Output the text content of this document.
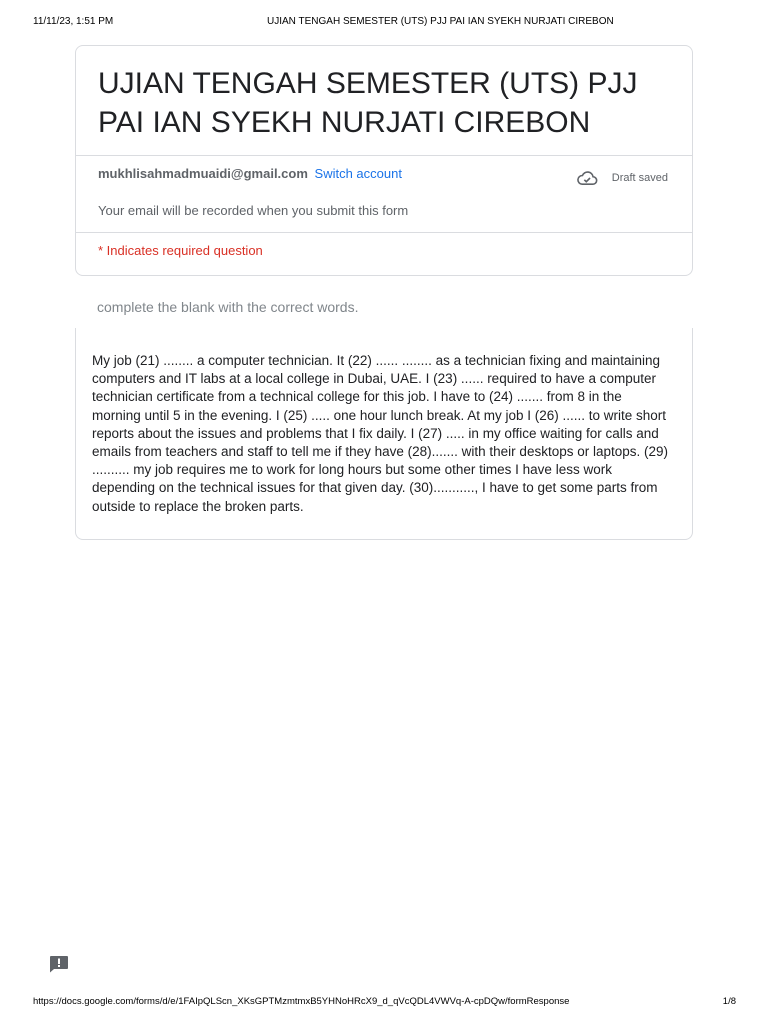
11/11/23, 1:51 PM	UJIAN TENGAH SEMESTER (UTS) PJJ PAI IAN SYEKH NURJATI CIREBON
UJIAN TENGAH SEMESTER (UTS) PJJ PAI IAN SYEKH NURJATI CIREBON
mukhlisahmadmuaidi@gmail.com Switch account	Draft saved
Your email will be recorded when you submit this form
* Indicates required question
complete the blank with the correct words.
My job (21) ........ a computer technician. It (22) ...... ........ as a technician fixing and maintaining computers and IT labs at a local college in Dubai, UAE. I (23) ...... required to have a computer technician certificate from a technical college for this job. I have to (24) ....... from 8 in the morning until 5 in the evening. I (25) ..... one hour lunch break. At my job I (26) ...... to write short reports about the issues and problems that I fix daily. I (27) ..... in my office waiting for calls and emails from teachers and staff to tell me if they have (28)....... with their desktops or laptops. (29) .......... my job requires me to work for long hours but some other times I have less work depending on the technical issues for that given day. (30)..........., I have to get some parts from outside to replace the broken parts.
https://docs.google.com/forms/d/e/1FAIpQLScn_XKsGPTMzmtmxB5YHNoHRcX9_d_qVcQDL4VWVq-A-cpDQw/formResponse	1/8
